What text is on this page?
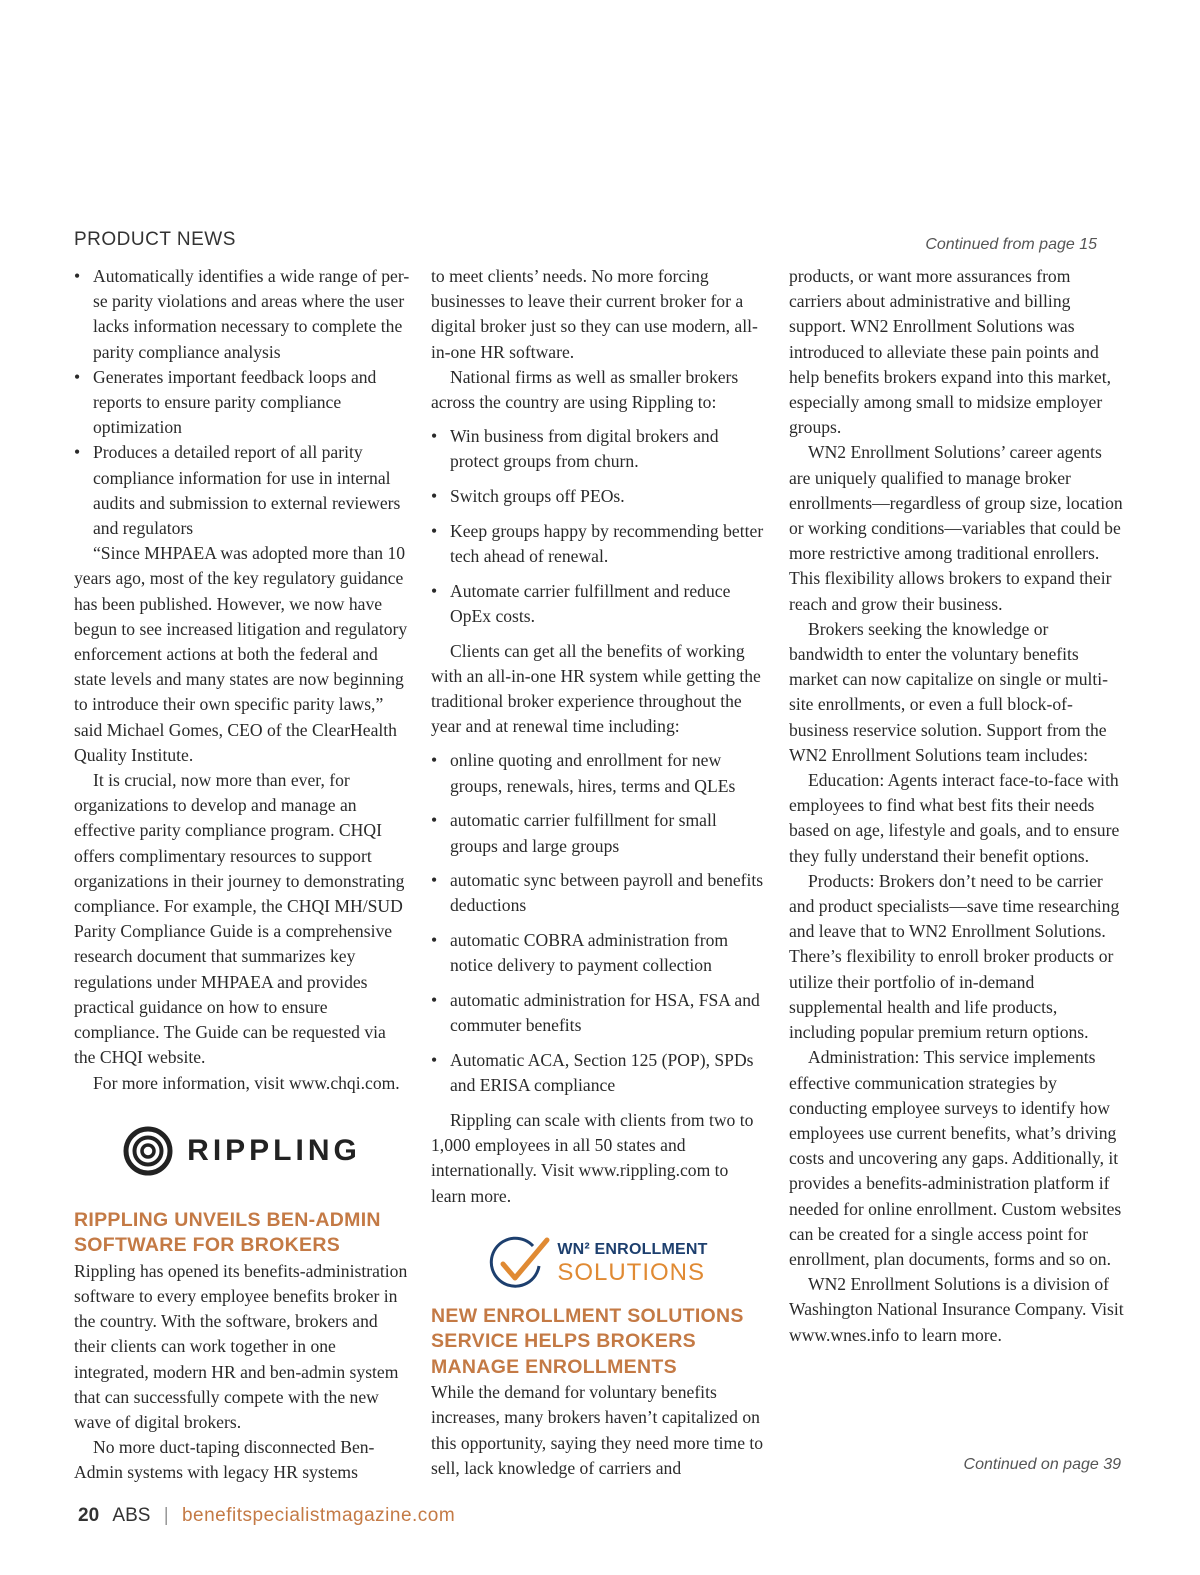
PRODUCT NEWS	Continued from page 15
• Automatically identifies a wide range of per-se parity violations and areas where the user lacks information necessary to complete the parity compliance analysis
• Generates important feedback loops and reports to ensure parity compliance optimization
• Produces a detailed report of all parity compliance information for use in internal audits and submission to external reviewers and regulators

“Since MHPAEA was adopted more than 10 years ago, most of the key regulatory guidance has been published. However, we now have begun to see increased litigation and regulatory enforcement actions at both the federal and state levels and many states are now beginning to introduce their own specific parity laws,” said Michael Gomes, CEO of the ClearHealth Quality Institute.

It is crucial, now more than ever, for organizations to develop and manage an effective parity compliance program. CHQI offers complimentary resources to support organizations in their journey to demonstrating compliance. For example, the CHQI MH/SUD Parity Compliance Guide is a comprehensive research document that summarizes key regulations under MHPAEA and provides practical guidance on how to ensure compliance. The Guide can be requested via the CHQI website.

For more information, visit www.chqi.com.

RIPPLING
RIPPLING UNVEILS BEN-ADMIN SOFTWARE FOR BROKERS

Rippling has opened its benefits-administration software to every employee benefits broker in the country. With the software, brokers and their clients can work together in one integrated, modern HR and ben-admin system that can successfully compete with the new wave of digital brokers.

No more duct-taping disconnected Ben-Admin systems with legacy HR systems

to meet clients’ needs. No more forcing businesses to leave their current broker for a digital broker just so they can use modern, all-in-one HR software.

National firms as well as smaller brokers across the country are using Rippling to:

• Win business from digital brokers and protect groups from churn.
• Switch groups off PEOs.
• Keep groups happy by recommending better tech ahead of renewal.
• Automate carrier fulfillment and reduce OpEx costs.

Clients can get all the benefits of working with an all-in-one HR system while getting the traditional broker experience throughout the year and at renewal time including:

• online quoting and enrollment for new groups, renewals, hires, terms and QLEs
• automatic carrier fulfillment for small groups and large groups
• automatic sync between payroll and benefits deductions
• automatic COBRA administration from notice delivery to payment collection
• automatic administration for HSA, FSA and commuter benefits
• Automatic ACA, Section 125 (POP), SPDs and ERISA compliance

Rippling can scale with clients from two to 1,000 employees in all 50 states and internationally. Visit www.rippling.com to learn more.

WN² ENROLLMENT
SOLUTIONS
NEW ENROLLMENT SOLUTIONS SERVICE HELPS BROKERS MANAGE ENROLLMENTS

While the demand for voluntary benefits increases, many brokers haven’t capitalized on this opportunity, saying they need more time to sell, lack knowledge of carriers and

products, or want more assurances from carriers about administrative and billing support. WN2 Enrollment Solutions was introduced to alleviate these pain points and help benefits brokers expand into this market, especially among small to midsize employer groups.

WN2 Enrollment Solutions’ career agents are uniquely qualified to manage broker enrollments—regardless of group size, location or working conditions—variables that could be more restrictive among traditional enrollers. This flexibility allows brokers to expand their reach and grow their business.

Brokers seeking the knowledge or bandwidth to enter the voluntary benefits market can now capitalize on single or multi-site enrollments, or even a full block-of-business reservice solution. Support from the WN2 Enrollment Solutions team includes:

Education: Agents interact face-to-face with employees to find what best fits their needs based on age, lifestyle and goals, and to ensure they fully understand their benefit options.

Products: Brokers don’t need to be carrier and product specialists—save time researching and leave that to WN2 Enrollment Solutions. There’s flexibility to enroll broker products or utilize their portfolio of in-demand supplemental health and life products, including popular premium return options.

Administration: This service implements effective communication strategies by conducting employee surveys to identify how employees use current benefits, what’s driving costs and uncovering any gaps. Additionally, it provides a benefits-administration platform if needed for online enrollment. Custom websites can be created for a single access point for enrollment, plan documents, forms and so on.

WN2 Enrollment Solutions is a division of Washington National Insurance Company. Visit www.wnes.info to learn more.

Continued on page 39
20 ABS | benefitspecialistmagazine.com
